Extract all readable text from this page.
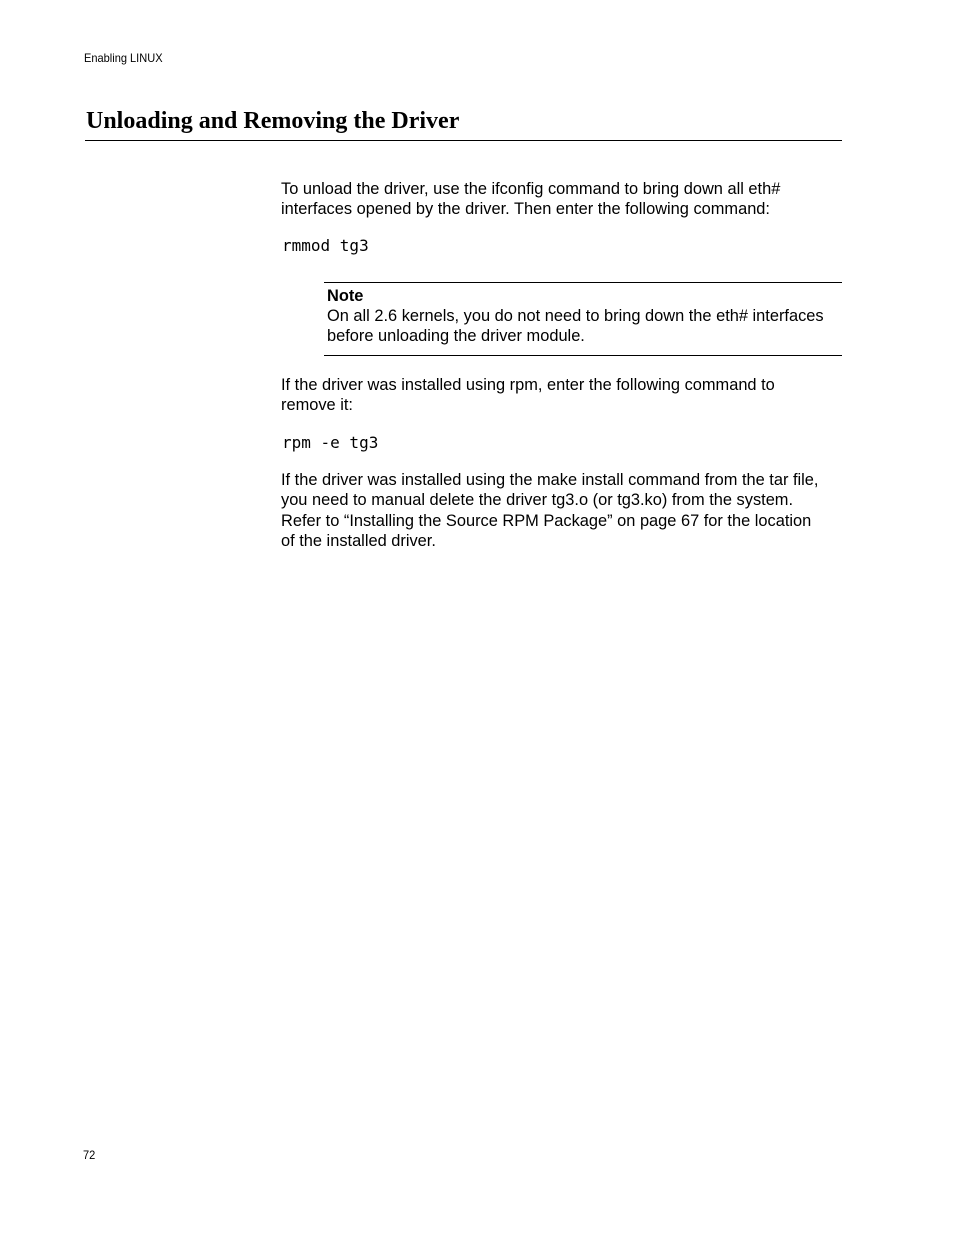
Enabling LINUX
Unloading and Removing the Driver

To unload the driver, use the ifconfig command to bring down all eth#
interfaces opened by the driver. Then enter the following command:

rmmod tg3
Note

On all 2.6 kernels, you do not need to bring down the eth# interfaces
before unloading the driver module.

If the driver was installed using rpm, enter the following command to
remove it:

rpm -e tg3

If the driver was installed using the make install command from the tar file,
you need to manual delete the driver tg3.o (or tg3.ko) from the system.
Refer to “Installing the Source RPM Package” on page 67 for the location
of the installed driver.

72
